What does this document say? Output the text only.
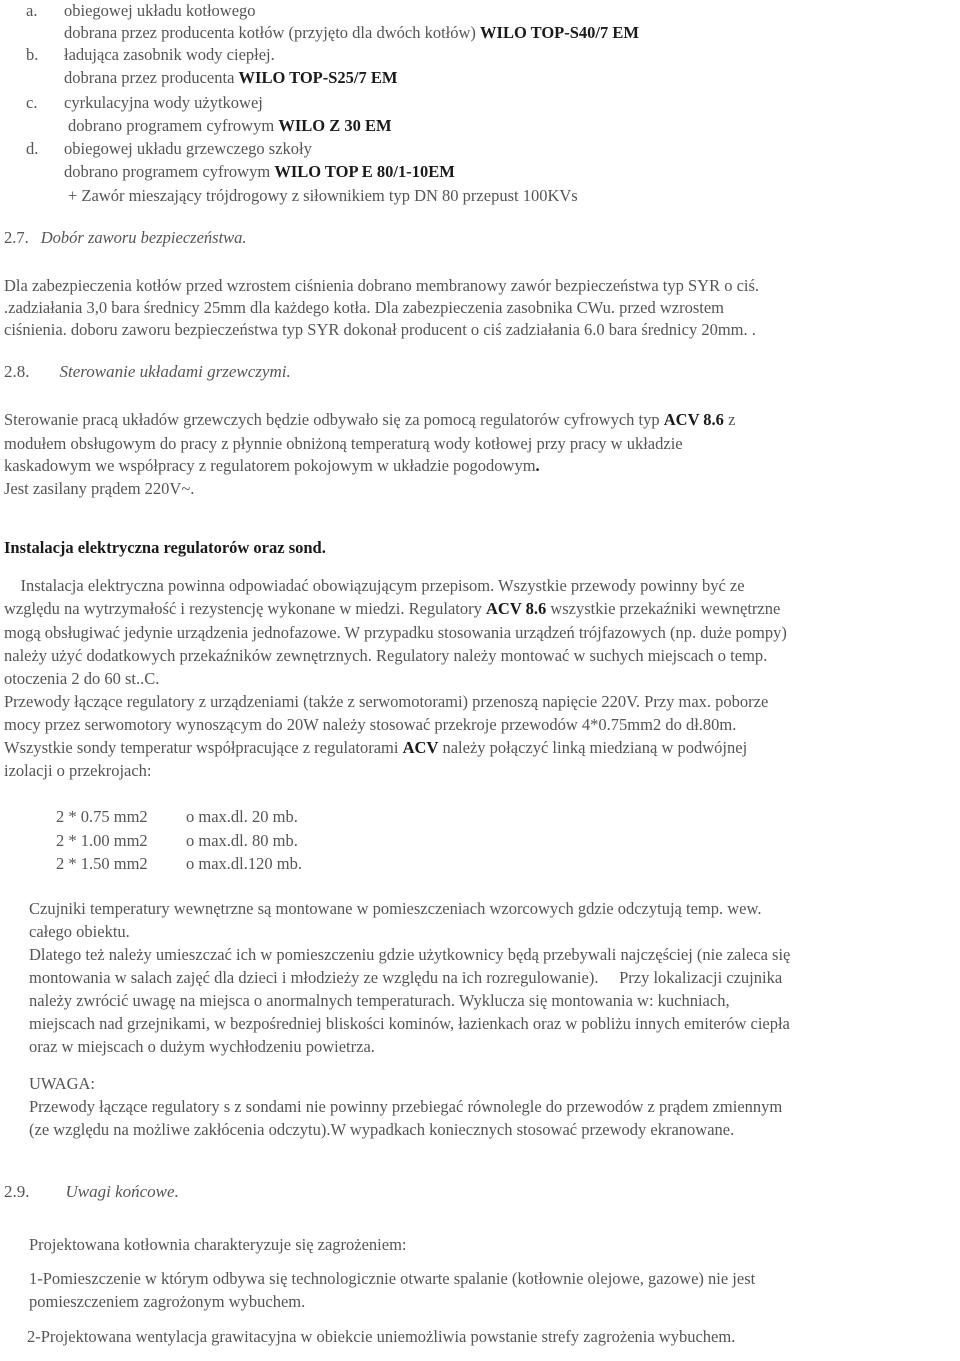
a. obiegowej układu kotłowego
dobrana przez producenta kotłów (przyjęto dla dwóch kotłów) WILO TOP-S40/7 EM
b. ładująca zasobnik wody ciepłej.
dobrana przez producenta WILO TOP-S25/7 EM
c. cyrkulacyjna wody użytkowej
dobrano programem cyfrowym WILO Z 30 EM
d. obiegowej układu grzewczego szkoły
dobrano programem cyfrowym WILO TOP E 80/1-10EM
+ Zawór mieszający trójdrogowy z siłownikiem typ DN 80 przepust 100KVs
2.7. Dobór zaworu bezpieczeństwa.
Dla zabezpieczenia kotłów przed wzrostem ciśnienia dobrano membranowy zawór bezpieczeństwa typ SYR o ciś.
.zadziałania 3,0 bara średnicy 25mm dla każdego kotła. Dla zabezpieczenia zasobnika CWu. przed wzrostem
ciśnienia. doboru zaworu bezpieczeństwa typ SYR dokonał producent o ciś zadziałania 6.0 bara średnicy 20mm. .
2.8. Sterowanie układami grzewczymi.
Sterowanie pracą układów grzewczych będzie odbywało się za pomocą regulatorów cyfrowych typ ACV 8.6 z
modułem obsługowym do pracy z płynnie obniżoną temperaturą wody kotłowej przy pracy w układzie
kaskadowym we współpracy z regulatorem pokojowym w układzie pogodowym.
Jest zasilany prądem 220V~.
Instalacja elektryczna regulatorów oraz sond.
Instalacja elektryczna powinna odpowiadać obowiązującym przepisom. Wszystkie przewody powinny być ze
względu na wytrzymałość i rezystencję wykonane w miedzi. Regulatory ACV 8.6 wszystkie przekaźniki wewnętrzne
mogą obsługiwać jedynie urządzenia jednofazowe. W przypadku stosowania urządzeń trójfazowych (np. duże pompy)
należy użyć dodatkowych przekaźników zewnętrznych. Regulatory należy montować w suchych miejscach o temp.
otoczenia 2 do 60 st..C.
Przewody łączące regulatory z urządzeniami (także z serwomotorami) przenoszą napięcie 220V. Przy max. poborze
mocy przez serwomotory wynoszącym do 20W należy stosować przekroje przewodów 4*0.75mm2 do dł.80m.
Wszystkie sondy temperatur współpracujące z regulatorami ACV należy połączyć linką miedzianą w podwójnej
izolacji o przekrojach:
2 * 0.75 mm2 o max.dl. 20 mb.
2 * 1.00 mm2 o max.dl. 80 mb.
2 * 1.50 mm2 o max.dl.120 mb.
Czujniki temperatury wewnętrzne są montowane w pomieszczeniach wzorcowych gdzie odczytują temp. wew.
całego obiektu.
Dlatego też należy umieszczać ich w pomieszczeniu gdzie użytkownicy będą przebywali najczęściej (nie zaleca się
montowania w salach zajęć dla dzieci i młodzieży ze względu na ich rozregulowanie).     Przy lokalizacji czujnika
należy zwrócić uwagę na miejsca o anormalnych temperaturach. Wyklucza się montowania w: kuchniach,
miejscach nad grzejnikami, w bezpośredniej bliskości kominów, łazienkach oraz w pobliżu innych emiterów ciepła
oraz w miejscach o dużym wychłodzeniu powietrza.
UWAGA:
Przewody łączące regulatory s z sondami nie powinny przebiegać równolegle do przewodów z prądem zmiennym
(ze względu na możliwe zakłócenia odczytu).W wypadkach koniecznych stosować przewody ekranowane.
2.9. Uwagi końcowe.
Projektowana kotłownia charakteryzuje się zagrożeniem:
1-Pomieszczenie w którym odbywa się technologicznie otwarte spalanie (kotłownie olejowe, gazowe) nie jest
pomieszczeniem zagrożonym wybuchem.
2-Projektowana wentylacja grawitacyjna w obiekcie uniemożliwia powstanie strefy zagrożenia wybuchem.
